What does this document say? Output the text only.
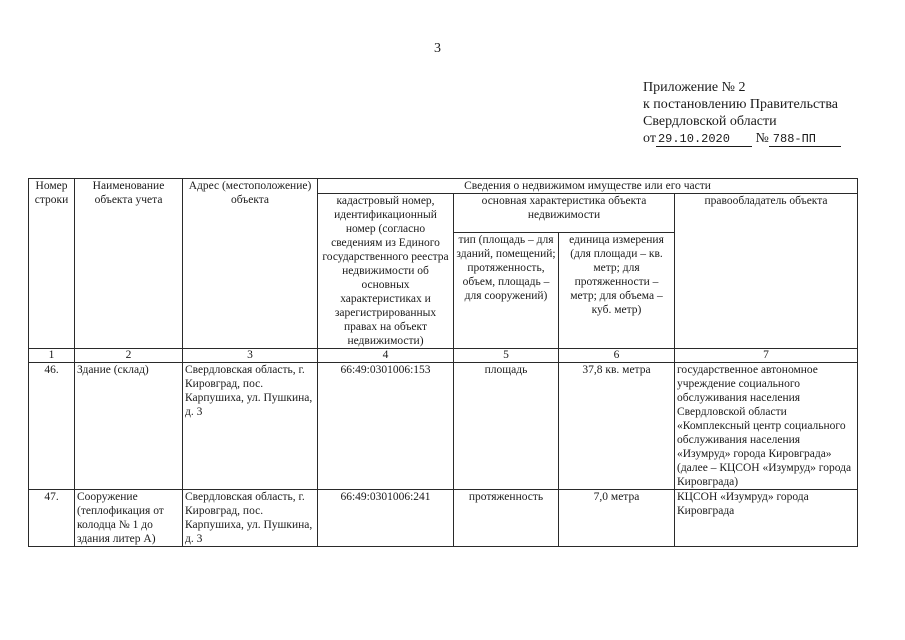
3
Приложение № 2
к постановлению Правительства
Свердловской области
от 29.10.2020 № 788-ПП
Номер строки	Наименование объекта учета	Адрес (местоположение) объекта	Сведения о недвижимом имуществе или его части			
			кадастровый номер, идентификационный номер (согласно сведениям из Единого государственного реестра недвижимости об основных характеристиках и зарегистрированных правах на объект недвижимости)	основная характеристика объекта недвижимости		правообладатель объекта
				тип (площадь – для зданий, помещений; протяженность, объем, площадь – для сооружений)	единица измерения (для площади – кв. метр; для протяженности – метр; для объема – куб. метр)	
1	2	3	4	5	6	7
46.	Здание (склад)	Свердловская область, г. Кировград, пос. Карпушиха, ул. Пушкина, д. 3	66:49:0301006:153	площадь	37,8 кв. метра	государственное автономное учреждение социального обслуживания населения Свердловской области «Комплексный центр социального обслуживания населения «Изумруд» города Кировграда» (далее – КЦСОН «Изумруд» города Кировграда)
47.	Сооружение (теплофикация от колодца № 1 до здания литер А)	Свердловская область, г. Кировград, пос. Карпушиха, ул. Пушкина, д. 3	66:49:0301006:241	протяженность	7,0 метра	КЦСОН «Изумруд» города Кировграда
